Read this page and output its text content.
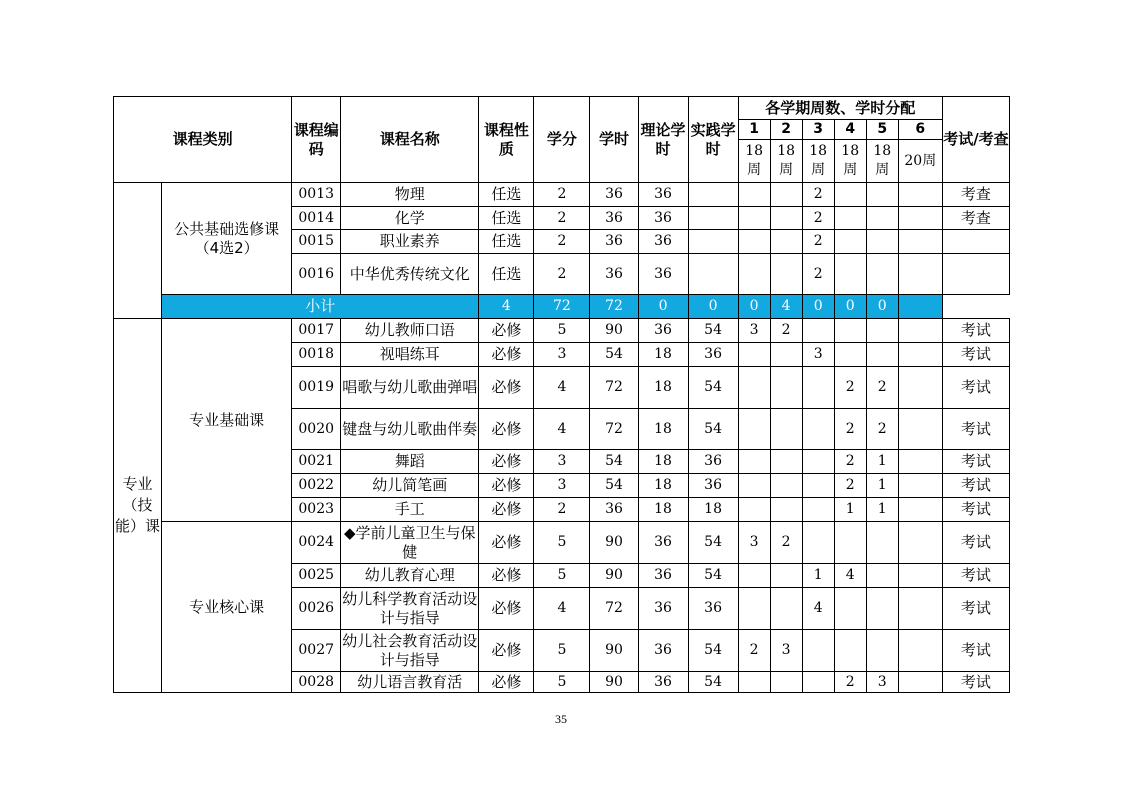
课程类别		课程编码	课程名称	课程性质	学分	学时	理论学时	实践学时	各学期周数、学时分配						考试/考查
									1	2	3	4	5	6	
									18周	18周	18周	18周	18周	20周	
	公共基础选修课（4选2）	0013	物理	任选	2	36	36				2				考查
		0014	化学	任选	2	36	36				2				考查
		0015	职业素养	任选	2	36	36				2				
		0016	中华优秀传统文化	任选	2	36	36				2				
	小计			4	72	72	0	0	0	4	0	0	0		
专业（技能）课	专业基础课	0017	幼儿教师口语	必修	5	90	36	54	3	2					考试
		0018	视唱练耳	必修	3	54	18	36			3				考试
		0019	唱歌与幼儿歌曲弹唱	必修	4	72	18	54				2	2		考试
		0020	键盘与幼儿歌曲伴奏	必修	4	72	18	54				2	2		考试
		0021	舞蹈	必修	3	54	18	36				2	1		考试
		0022	幼儿简笔画	必修	3	54	18	36				2	1		考试
		0023	手工	必修	2	36	18	18				1	1		考试
	专业核心课	0024	◆学前儿童卫生与保健	必修	5	90	36	54	3	2					考试
		0025	幼儿教育心理	必修	5	90	36	54			1	4			考试
		0026	幼儿科学教育活动设计与指导	必修	4	72	36	36			4				考试
		0027	幼儿社会教育活动设计与指导	必修	5	90	36	54	2	3					考试
		0028	幼儿语言教育活	必修	5	90	36	54				2	3		考试
35
